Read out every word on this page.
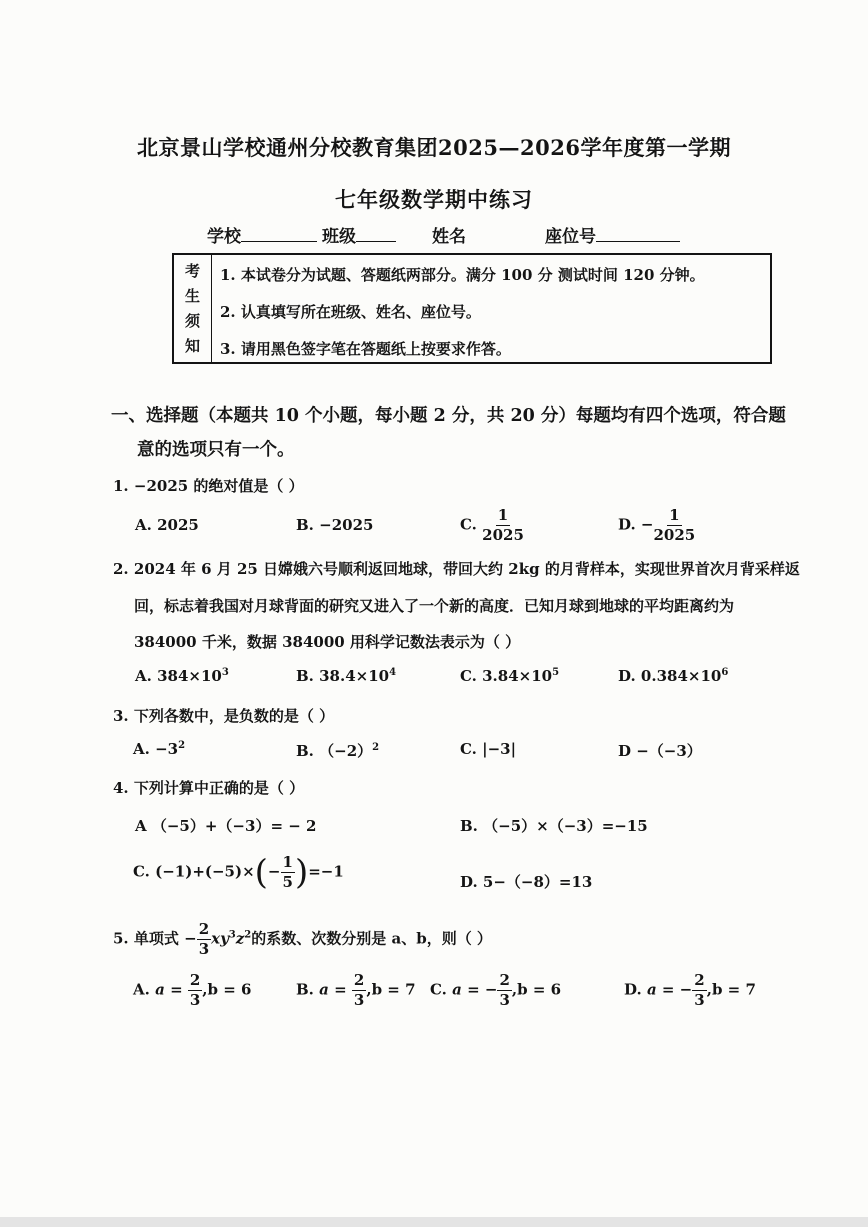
北京景山学校通州分校教育集团2025—2026学年度第一学期
七年级数学期中练习
学校	班级	姓名	座位号
考
生
须
知
1. 本试卷分为试题、答题纸两部分。满分 100 分 测试时间 120 分钟。
2. 认真填写所在班级、姓名、座位号。
3. 请用黑色签字笔在答题纸上按要求作答。
一、选择题（本题共 10 个小题，每小题 2 分，共 20 分）每题均有四个选项，符合题
意的选项只有一个。
1. −2025 的绝对值是（ ）
A. 2025	B. −2025	C. $\frac{1}{2025}$	D. − $\frac{1}{2025}$
2. 2024 年 6 月 25 日嫦娥六号顺利返回地球，带回大约 2kg 的月背样本，实现世界首次月背采样返
回，标志着我国对月球背面的研究又进入了一个新的高度．已知月球到地球的平均距离约为
384000 千米，数据 384000 用科学记数法表示为（ ）
A. $384\times 10^3$	B. $38.4\times 10^4$	C. $3.84\times 10^5$	D. $0.384\times 10^6$
3. 下列各数中，是负数的是（ ）
A. $-3^2$	B. $(-2)^2$	C. |−3|	D −（−3）
4. 下列计算中正确的是（ ）
A （−5）+（−3）= − 2	B. （−5）×（−3）=−15
C. $(-1)+(-5)\times(- \frac{1}{5} )=-1$
D. 5−（−8）=13
5. 单项式 − $\frac{2}{3} xy^3z^2$的系数、次数分别是 a、b，则（ ）
A. $a = \frac{2}{3} ,b = 6$	B. $a = \frac{2}{3} ,b = 7$ C. a = − $\frac{2}{3} ,b = 6$	D. a = − $\frac{2}{3} ,b = 7$
